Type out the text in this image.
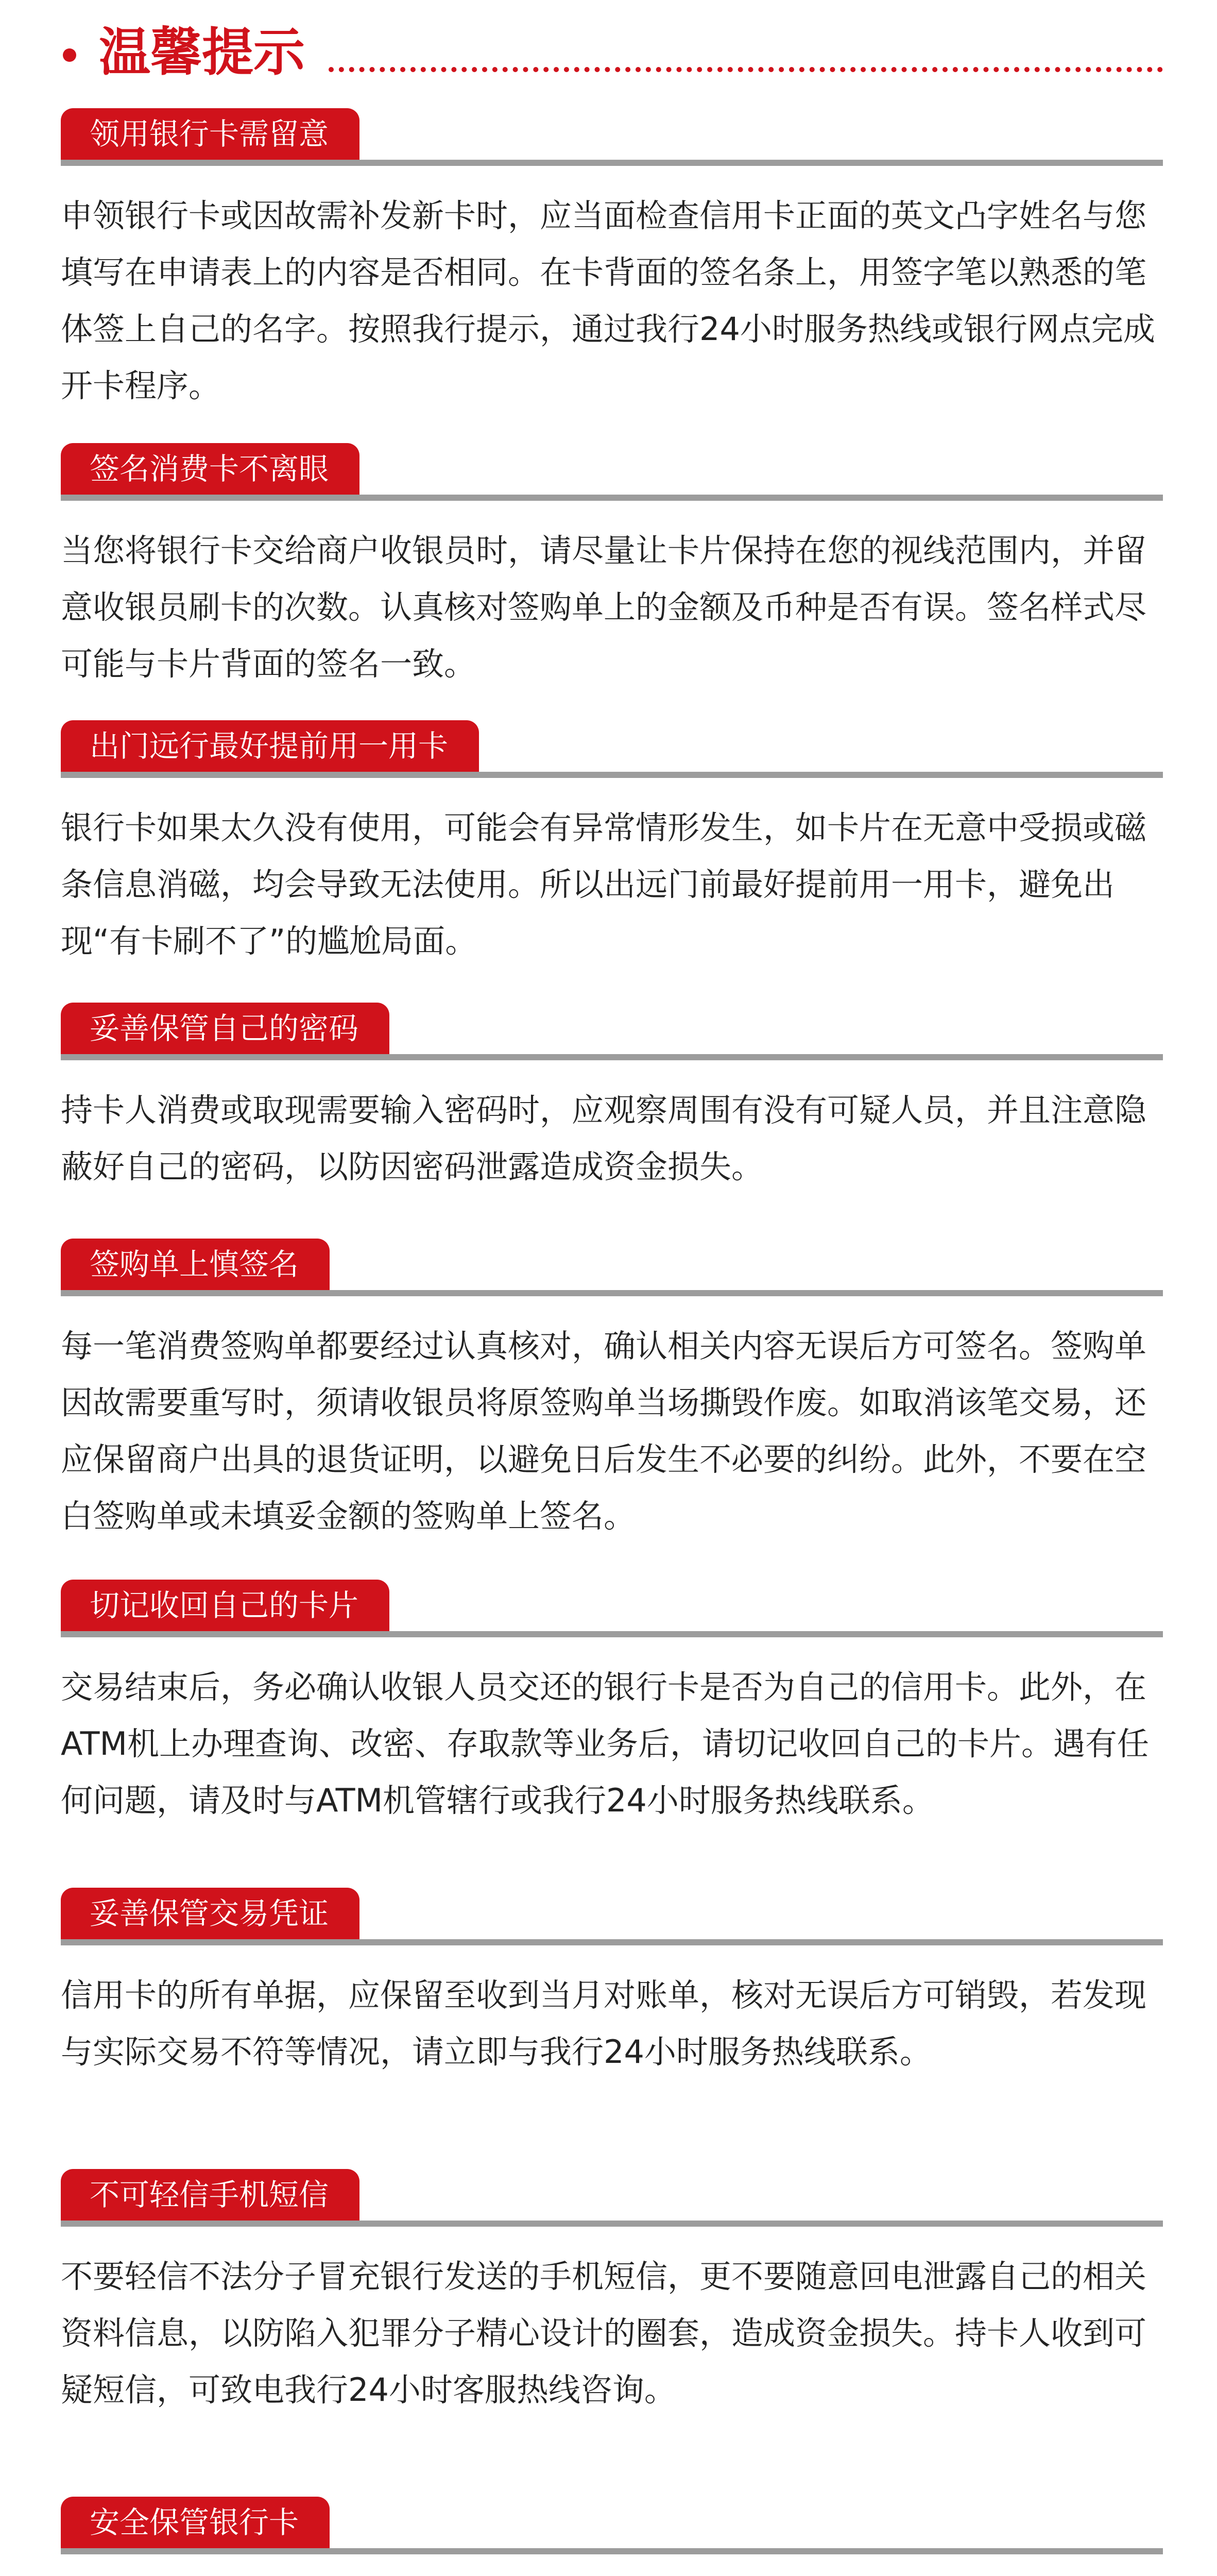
温馨提示
领用银行卡需留意

申领银行卡或因故需补发新卡时，应当面检查信用卡正面的英文凸字姓名与您填写在申请表上的内容是否相同。在卡背面的签名条上，用签字笔以熟悉的笔体签上自己的名字。按照我行提示，通过我行24小时服务热线或银行网点完成开卡程序。

签名消费卡不离眼

当您将银行卡交给商户收银员时，请尽量让卡片保持在您的视线范围内，并留意收银员刷卡的次数。认真核对签购单上的金额及币种是否有误。签名样式尽可能与卡片背面的签名一致。

出门远行最好提前用一用卡

银行卡如果太久没有使用，可能会有异常情形发生，如卡片在无意中受损或磁条信息消磁，均会导致无法使用。所以出远门前最好提前用一用卡，避免出现“有卡刷不了”的尴尬局面。

妥善保管自己的密码

持卡人消费或取现需要输入密码时，应观察周围有没有可疑人员，并且注意隐蔽好自己的密码，以防因密码泄露造成资金损失。

签购单上慎签名

每一笔消费签购单都要经过认真核对，确认相关内容无误后方可签名。签购单因故需要重写时，须请收银员将原签购单当场撕毁作废。如取消该笔交易，还应保留商户出具的退货证明，以避免日后发生不必要的纠纷。此外，不要在空白签购单或未填妥金额的签购单上签名。

切记收回自己的卡片

交易结束后，务必确认收银人员交还的银行卡是否为自己的信用卡。此外，在ATM机上办理查询、改密、存取款等业务后，请切记收回自己的卡片。遇有任何问题，请及时与ATM机管辖行或我行24小时服务热线联系。

妥善保管交易凭证

信用卡的所有单据，应保留至收到当月对账单，核对无误后方可销毁，若发现与实际交易不符等情况，请立即与我行24小时服务热线联系。

不可轻信手机短信

不要轻信不法分子冒充银行发送的手机短信，更不要随意回电泄露自己的相关资料信息，以防陷入犯罪分子精心设计的圈套，造成资金损失。持卡人收到可疑短信，可致电我行24小时客服热线咨询。

安全保管银行卡
